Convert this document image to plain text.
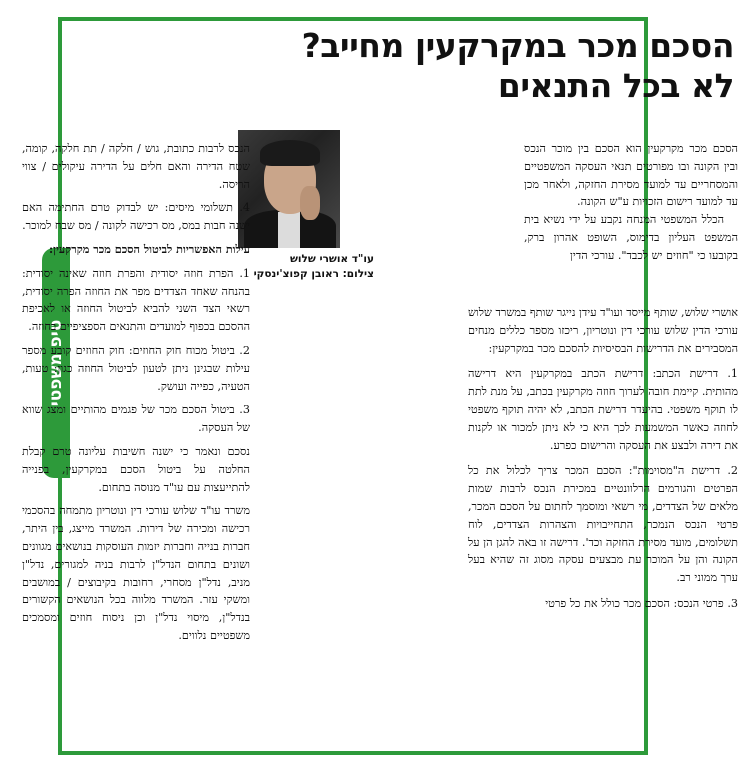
טיפ משפטי
הסכם מכר במקרקעין מחייב?
לא בכל התנאים

הסכם מכר מקרקעין הוא הסכם בין מוכר הנכס ובין הקונה ובו מפורטים תנאי העסקה המשפטיים והמסחריים עד למועד מסירת החזקה, ולאחר מכן עד למועד רישום הזכויות ע"ש הקונה.

הכלל המשפטי המנחה נקבע על ידי נשיא בית המשפט העליון בדימוס, השופט אהרון ברק, בקובעו כי "חוזים יש לכבד". עורכי הדין

עו"ד אושרי שלוש
צילום: ראובן קפוצ'ינסקי

אושרי שלוש, שותף מייסד ועו"ד עידן נייגר שותף במשרד שלוש עורכי הדין שלוש עורכי דין ונוטריון, ריכזו מספר כללים מנחים המסבירים את הדרישות הבסיסיות להסכם מכר במקרקעין:

1. דרישת הכתב: דרישת הכתב במקרקעין היא דרישה מהותית. קיימת חובה לערוך חוזה מקרקעין בכתב, על מנת לתת לו תוקף משפטי. בהיעדר דרישת הכתב, לא יהיה תוקף משפטי לחוזה כאשר המשמעות לכך היא כי לא ניתן למכור או לקנות את דירה ולבצע את העסקה והרישום כפרע.

2. דרישת ה"מסוימות": הסכם המכר צריך לכלול את כל הפרטים והגורמים הרלוונטיים במכירת הנכס לרבות שמות מלאים של הצדדים, מי רשאי ומוסמך לחתום על הסכם המכר, פרטי הנכס הנמכר, התחייבויות והצהרות הצדדים, לוח תשלומים, מועד מסירת החזקה וכד'. דרישה זו באה להגן הן על הקונה והן על המוכר עת מבצעים עסקה מסוג זה שהיא בעל ערך ממוני רב.

3. פרטי הנכס: הסכם מכר כולל את כל פרטי

הנכס לרבות כתובת, גוש / חלקה / תת חלקה, קומה, שטח הדירה והאם חלים על הדירה עיקולים / צווי הריסה.

4. תשלומי מיסים: יש לבדוק טרם החתימה האם ישנה חבות במס, מס רכישה לקונה / מס שבח למוכר.

עילות האפשריות לביטול הסכם מכר מקרקעין:

1. הפרת חוזה יסודית והפרת חוזה שאינה יסודית: בהנחה שאחד הצדדים מפר את החוזה הפרה יסודית, רשאי הצד השני להביא לביטול החוזה או לאכיפת ההסכם בכפוף למועדים והתנאים הספציפיים בחוזה.

2. ביטול מכוח חוק החוזים: חוק החוזים קובע מספר עילות שבגינן ניתן לטעון לביטול החוזה כגון: טעות, הטעיה, כפייה ועושק.

3. ביטול הסכם מכר של פגמים מהותיים ומצג שווא של העסקה.

נסכם ונאמר כי ישנה חשיבות עליונה טרם קבלת החלטה על ביטול הסכם במקרקעין, בפנייה להתייעצות עם עו"ד מנוסה בתחום.

משרד עו"ד שלוש עורכי דין ונוטריון מתמחה בהסכמי רכישה ומכירה של דירות. המשרד מייצג, בין היתר, חברות בנייה וחברות יזמות העוסקות בנושאים מגוונים ושונים בתחום הנדל"ן לרבות בניה למגורים, נדל"ן מניב, נדל"ן מסחרי, רחובות בקיבוצים / במושבים ומשקי עזר. המשרד מלווה בכל הנושאים הקשורים בנדל"ן, מיסוי נדל"ן וכן ניסוח חוזים ומסמכים משפטיים נלווים.
